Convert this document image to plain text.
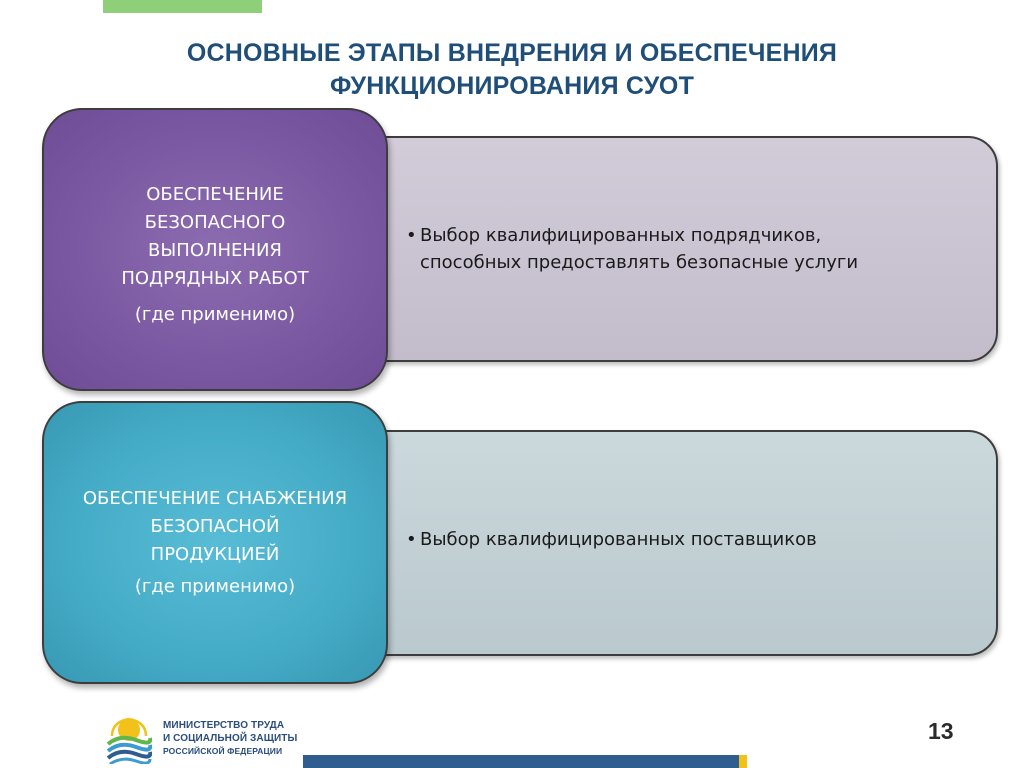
ОСНОВНЫЕ ЭТАПЫ ВНЕДРЕНИЯ И ОБЕСПЕЧЕНИЯ
ФУНКЦИОНИРОВАНИЯ СУОТ
• Выбор квалифицированных подрядчиков,
способных предоставлять безопасные услуги
ОБЕСПЕЧЕНИЕ
БЕЗОПАСНОГО
ВЫПОЛНЕНИЯ
ПОДРЯДНЫХ РАБОТ
(где применимо)
• Выбор квалифицированных поставщиков
ОБЕСПЕЧЕНИЕ СНАБЖЕНИЯ
БЕЗОПАСНОЙ
ПРОДУКЦИЕЙ
(где применимо)
МИНИСТЕРСТВО ТРУДА
И СОЦИАЛЬНОЙ ЗАЩИТЫ
РОССИЙСКОЙ ФЕДЕРАЦИИ
13
